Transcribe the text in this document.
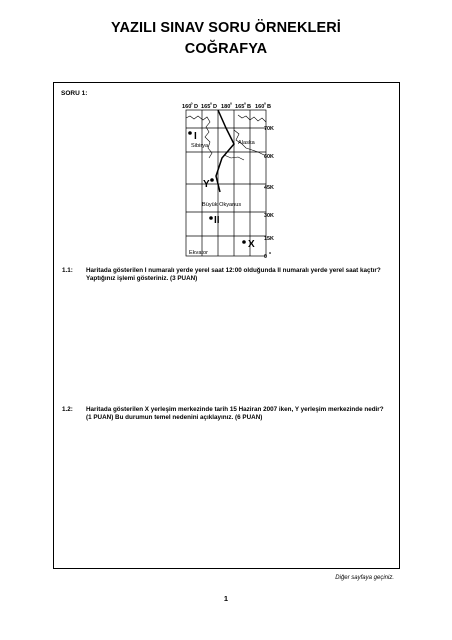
YAZILI SINAV SORU ÖRNEKLERİ
COĞRAFYA
SORU 1:
160
o
D 165
o
D 180
o
165
o
B 160
o
B
70 K
60 K
45 K
30 K
15 K
0
o
Sibirya	Alaska
Büyük Okyanus
Ekvator
I
Y
II
X
1.1: Haritada gösterilen I numaralı yerde yerel saat 12:00 olduğunda II numaralı yerde yerel saat kaçtır? Yaptığınız işlemi gösteriniz. (3 PUAN)
1.2: Haritada gösterilen X yerleşim merkezinde tarih 15 Haziran 2007 iken, Y yerleşim merkezinde nedir? (1 PUAN) Bu durumun temel nedenini açıklayınız. (6 PUAN)
Diğer sayfaya geçiniz.
1
